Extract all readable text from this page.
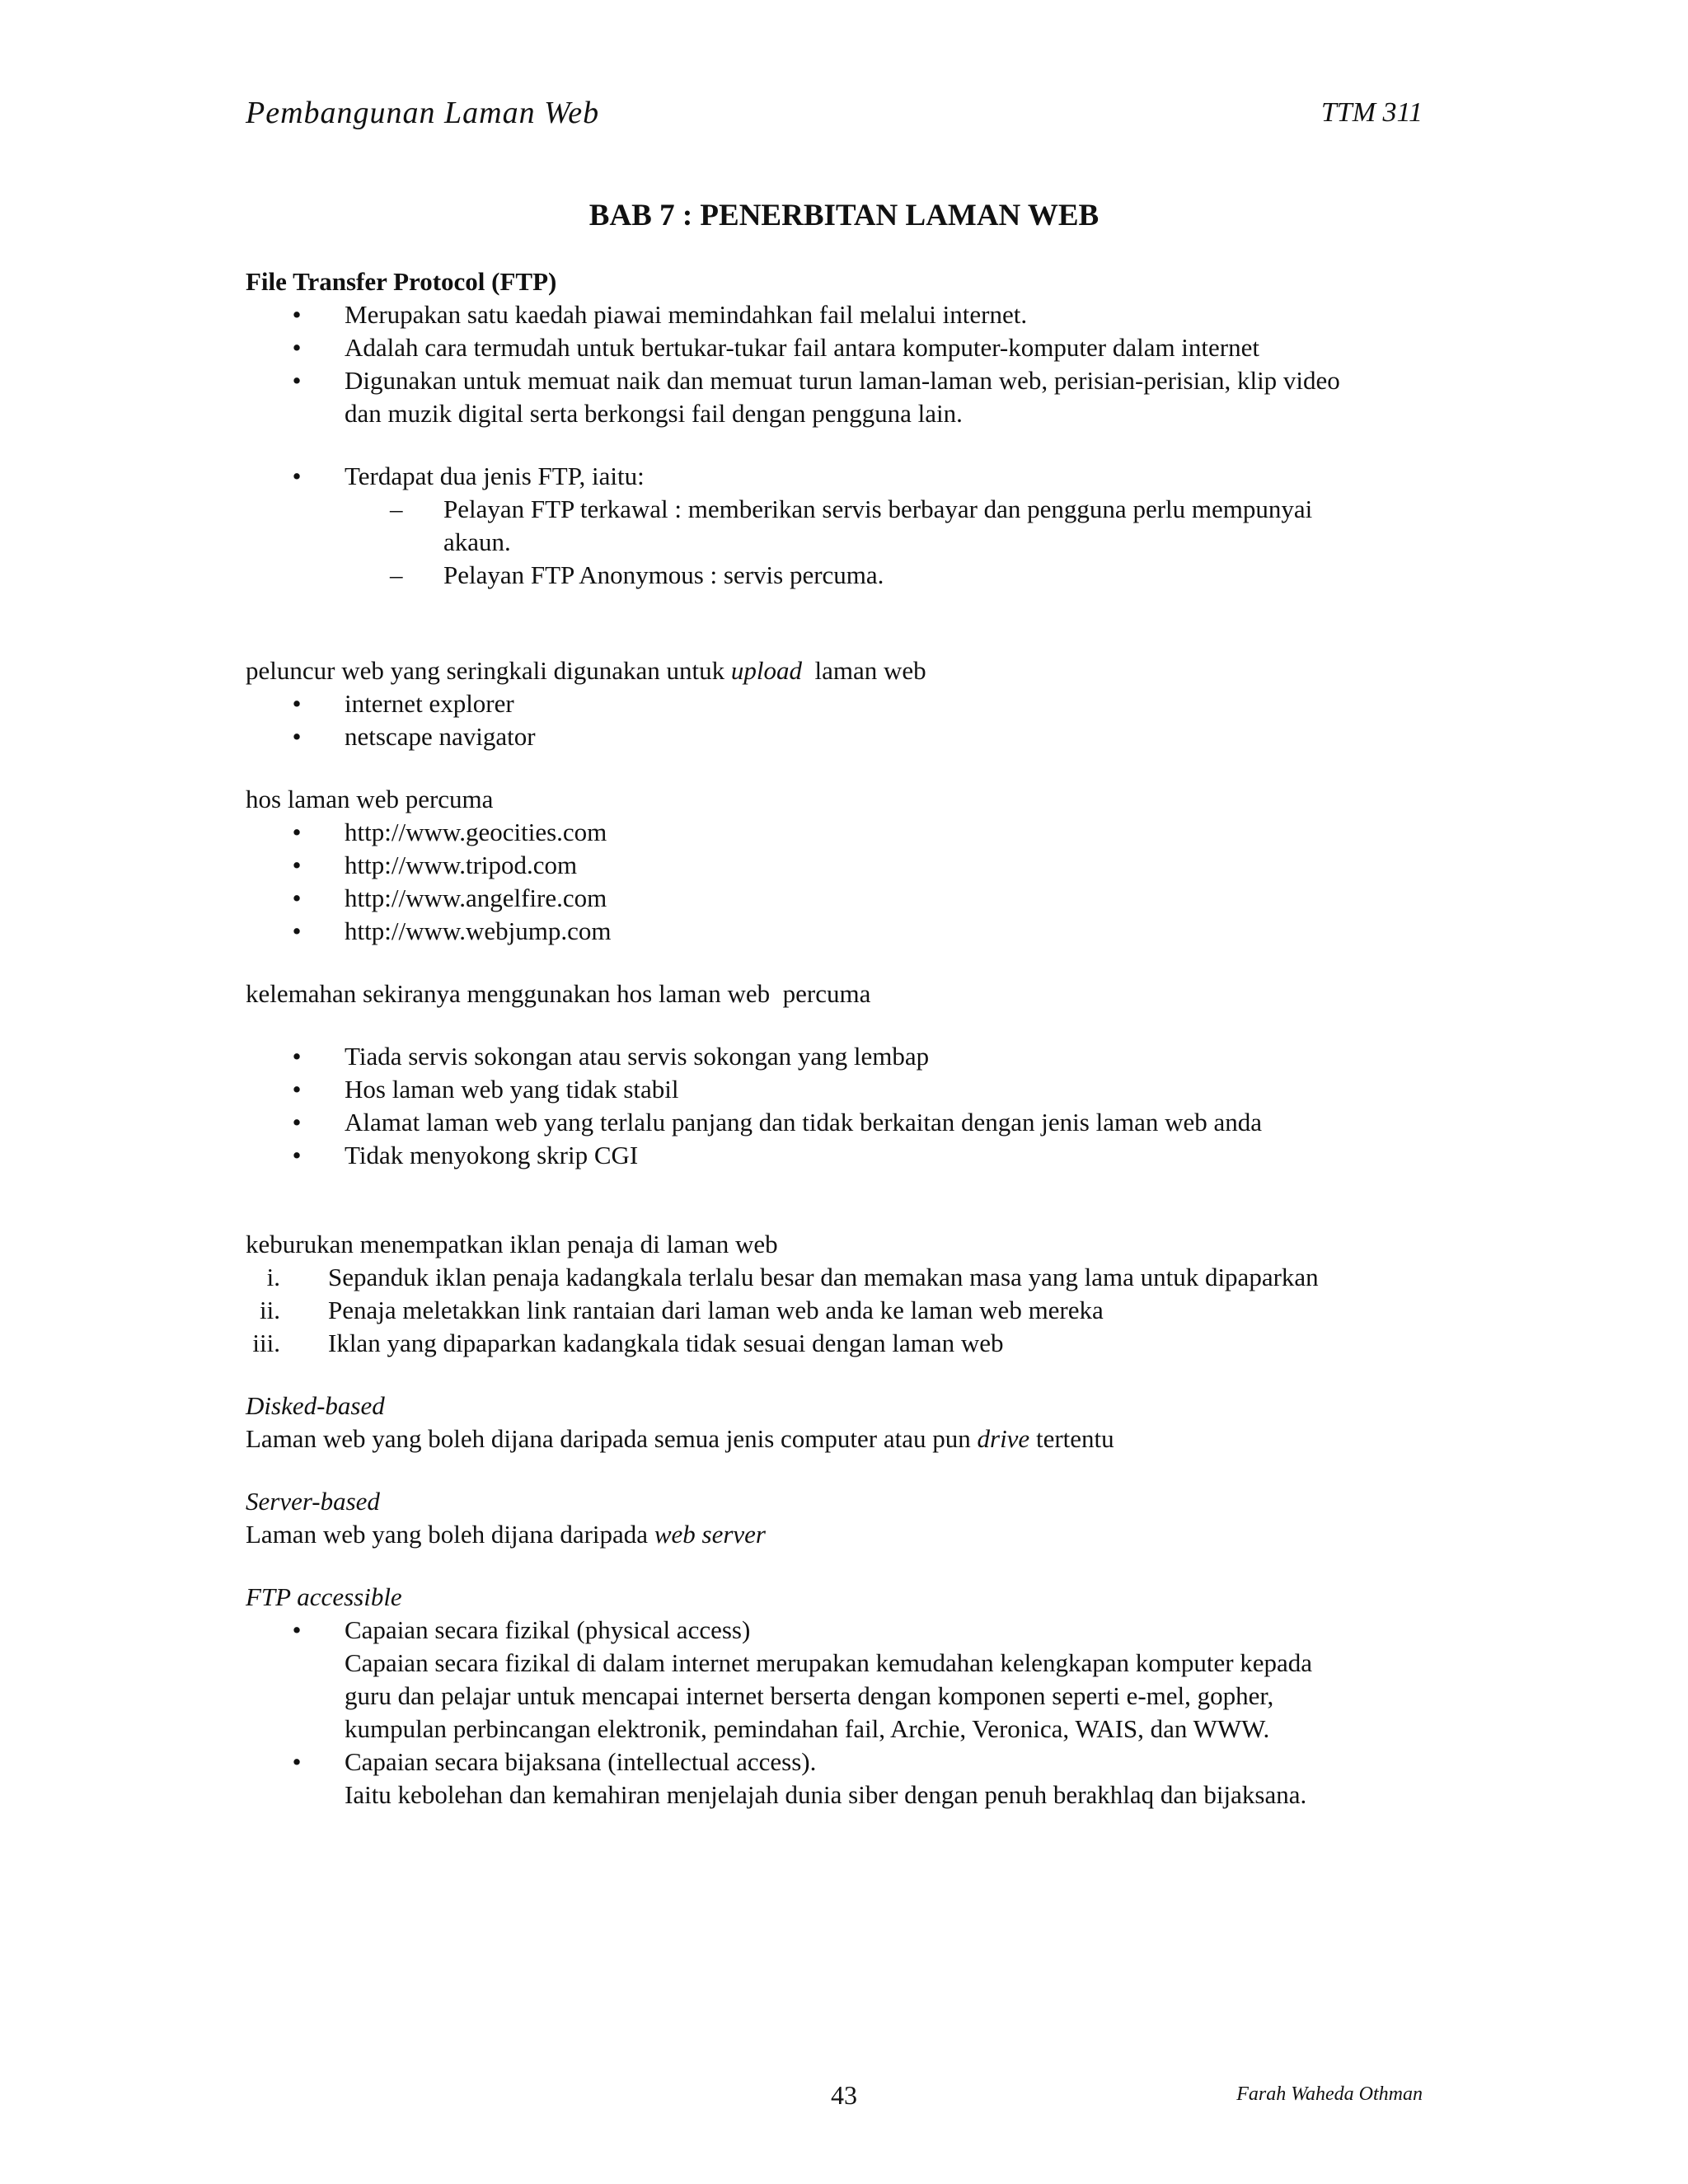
Pembangunan Laman Web	TTM 311
BAB 7 : PENERBITAN LAMAN WEB

File Transfer Protocol (FTP)

• Merupakan satu kaedah piawai memindahkan fail melalui internet.
• Adalah cara termudah untuk bertukar-tukar fail antara komputer-komputer dalam internet
• Digunakan untuk memuat naik dan memuat turun laman-laman web, perisian-perisian, klip video
dan muzik digital serta berkongsi fail dengan pengguna lain.
• Terdapat dua jenis FTP, iaitu:
– Pelayan FTP terkawal : memberikan servis berbayar dan pengguna perlu mempunyai
akaun.
– Pelayan FTP Anonymous : servis percuma.

peluncur web yang seringkali digunakan untuk upload  laman web

• internet explorer
• netscape navigator

hos laman web percuma

• http://www.geocities.com
• http://www.tripod.com
• http://www.angelfire.com
• http://www.webjump.com

kelemahan sekiranya menggunakan hos laman web  percuma

• Tiada servis sokongan atau servis sokongan yang lembap
• Hos laman web yang tidak stabil
• Alamat laman web yang terlalu panjang dan tidak berkaitan dengan jenis laman web anda
• Tidak menyokong skrip CGI

keburukan menempatkan iklan penaja di laman web

i. Sepanduk iklan penaja kadangkala terlalu besar dan memakan masa yang lama untuk dipaparkan
ii. Penaja meletakkan link rantaian dari laman web anda ke laman web mereka
iii. Iklan yang dipaparkan kadangkala tidak sesuai dengan laman web

Disked-based

Laman web yang boleh dijana daripada semua jenis computer atau pun drive tertentu

Server-based

Laman web yang boleh dijana daripada web server

FTP accessible

• Capaian secara fizikal (physical access)
Capaian secara fizikal di dalam internet merupakan kemudahan kelengkapan komputer kepada
guru dan pelajar untuk mencapai internet berserta dengan komponen seperti e-mel, gopher,
kumpulan perbincangan elektronik, pemindahan fail, Archie, Veronica, WAIS, dan WWW.
• Capaian secara bijaksana (intellectual access).
Iaitu kebolehan dan kemahiran menjelajah dunia siber dengan penuh berakhlaq dan bijaksana.
43	Farah Waheda Othman
